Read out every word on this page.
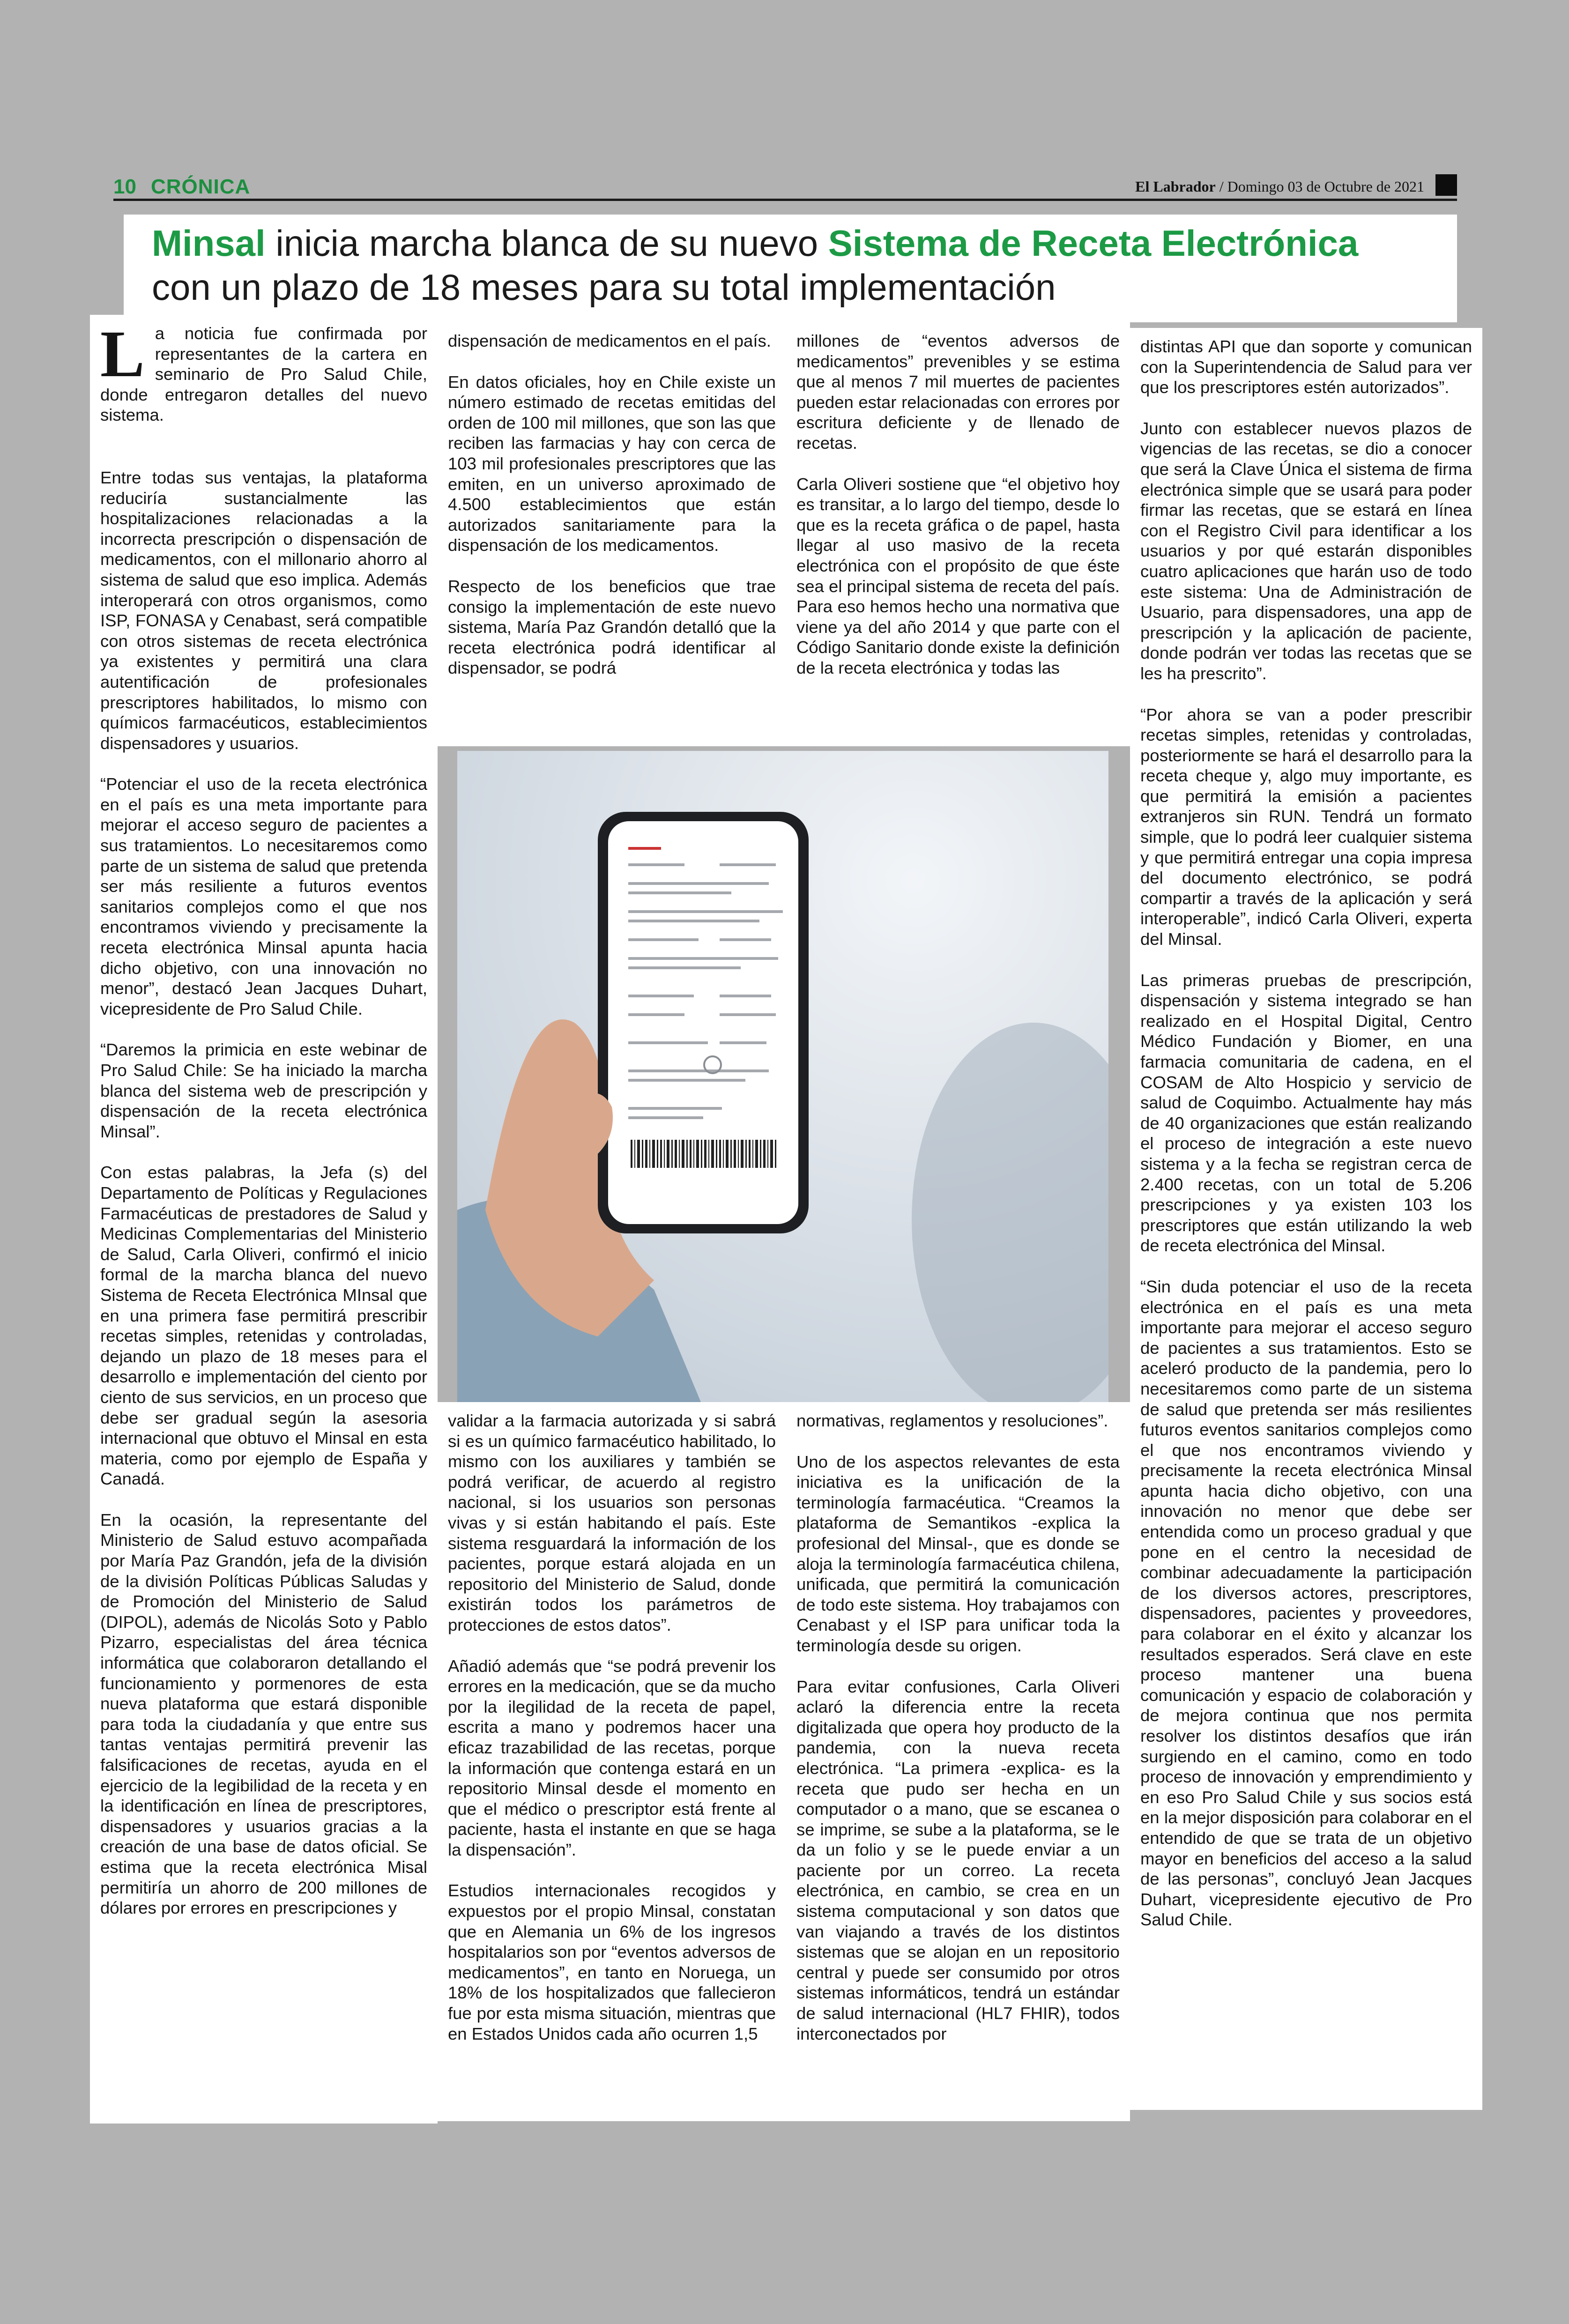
10 CRÓNICA	El Labrador / Domingo 03 de Octubre de 2021
Minsal inicia marcha blanca de su nuevo Sistema de Receta Electrónica
con un plazo de 18 meses para su total implementación

La noticia fue confirmada por representantes de la cartera en seminario de Pro Salud Chile, donde entregaron detalles del nuevo sistema.

Entre todas sus ventajas, la plataforma reduciría sustancialmente las hospitalizaciones relacionadas a la incorrecta prescripción o dispensación de medicamentos, con el millonario ahorro al sistema de salud que eso implica. Además interoperará con otros organismos, como ISP, FONASA y Cenabast, será compatible con otros sistemas de receta electrónica ya existentes y permitirá una clara autentificación de profesionales prescriptores habilitados, lo mismo con químicos farmacéuticos, establecimientos dispensadores y usuarios.

“Potenciar el uso de la receta electrónica en el país es una meta importante para mejorar el acceso seguro de pacientes a sus tratamientos. Lo necesitaremos como parte de un sistema de salud que pretenda ser más resiliente a futuros eventos sanitarios complejos como el que nos encontramos viviendo y precisamente la receta electrónica Minsal apunta hacia dicho objetivo, con una innovación no menor”, destacó Jean Jacques Duhart, vicepresidente de Pro Salud Chile.

“Daremos la primicia en este webinar de Pro Salud Chile: Se ha iniciado la marcha blanca del sistema web de prescripción y dispensación de la receta electrónica Minsal”.

Con estas palabras, la Jefa (s) del Departamento de Políticas y Regulaciones Farmacéuticas de prestadores de Salud y Medicinas Complementarias del Ministerio de Salud, Carla Oliveri, confirmó el inicio formal de la marcha blanca del nuevo Sistema de Receta Electrónica MInsal que en una primera fase permitirá prescribir recetas simples, retenidas y controladas, dejando un plazo de 18 meses para el desarrollo e implementación del ciento por ciento de sus servicios, en un proceso que debe ser gradual según la asesoria internacional que obtuvo el Minsal en esta materia, como por ejemplo de España y Canadá.

En la ocasión, la representante del Ministerio de Salud estuvo acompañada por María Paz Grandón, jefa de la división de la división Políticas Públicas Saludas y de Promoción del Ministerio de Salud (DIPOL), además de Nicolás Soto y Pablo Pizarro, especialistas del área técnica informática que colaboraron detallando el funcionamiento y pormenores de esta nueva plataforma que estará disponible para toda la ciudadanía y que entre sus tantas ventajas permitirá prevenir las falsificaciones de recetas, ayuda en el ejercicio de la legibilidad de la receta y en la identificación en línea de prescriptores, dispensadores y usuarios gracias a la creación de una base de datos oficial. Se estima que la receta electrónica Misal permitiría un ahorro de 200 millones de dólares por errores en prescripciones y

dispensación de medicamentos en el país.

En datos oficiales, hoy en Chile existe un número estimado de recetas emitidas del orden de 100 mil millones, que son las que reciben las farmacias y hay con cerca de 103 mil profesionales prescriptores que las emiten, en un universo aproximado de 4.500 establecimientos que están autorizados sanitariamente para la dispensación de los medicamentos.

Respecto de los beneficios que trae consigo la implementación de este nuevo sistema, María Paz Grandón detalló que la receta electrónica podrá identificar al dispensador, se podrá

millones de “eventos adversos de medicamentos” prevenibles y se estima que al menos 7 mil muertes de pacientes pueden estar relacionadas con errores por escritura deficiente y de llenado de recetas.

Carla Oliveri sostiene que “el objetivo hoy es transitar, a lo largo del tiempo, desde lo que es la receta gráfica o de papel, hasta llegar al uso masivo de la receta electrónica con el propósito de que éste sea el principal sistema de receta del país. Para eso hemos hecho una normativa que viene ya del año 2014 y que parte con el Código Sanitario donde existe la definición de la receta electrónica y todas las

validar a la farmacia autorizada y si sabrá si es un químico farmacéutico habilitado, lo mismo con los auxiliares y también se podrá verificar, de acuerdo al registro nacional, si los usuarios son personas vivas y si están habitando el país. Este sistema resguardará la información de los pacientes, porque estará alojada en un repositorio del Ministerio de Salud, donde existirán todos los parámetros de protecciones de estos datos”.

Añadió además que “se podrá prevenir los errores en la medicación, que se da mucho por la ilegilidad de la receta de papel, escrita a mano y podremos hacer una eficaz trazabilidad de las recetas, porque la información que contenga estará en un repositorio Minsal desde el momento en que el médico o prescriptor está frente al paciente, hasta el instante en que se haga la dispensación”.

Estudios internacionales recogidos y expuestos por el propio Minsal, constatan que en Alemania un 6% de los ingresos hospitalarios son por “eventos adversos de medicamentos”, en tanto en Noruega, un 18% de los hospitalizados que fallecieron fue por esta misma situación, mientras que en Estados Unidos cada año ocurren 1,5

normativas, reglamentos y resoluciones”.

Uno de los aspectos relevantes de esta iniciativa es la unificación de la terminología farmacéutica. “Creamos la plataforma de Semantikos -explica la profesional del Minsal-, que es donde se aloja la terminología farmacéutica chilena, unificada, que permitirá la comunicación de todo este sistema. Hoy trabajamos con Cenabast y el ISP para unificar toda la terminología desde su origen.

Para evitar confusiones, Carla Oliveri aclaró la diferencia entre la receta digitalizada que opera hoy producto de la pandemia, con la nueva receta electrónica. “La primera -explica- es la receta que pudo ser hecha en un computador o a mano, que se escanea o se imprime, se sube a la plataforma, se le da un folio y se le puede enviar a un paciente por un correo. La receta electrónica, en cambio, se crea en un sistema computacional y son datos que van viajando a través de los distintos sistemas que se alojan en un repositorio central y puede ser consumido por otros sistemas informáticos, tendrá un estándar de salud internacional (HL7 FHIR), todos interconectados por

distintas API que dan soporte y comunican con la Superintendencia de Salud para ver que los prescriptores estén autorizados”.

Junto con establecer nuevos plazos de vigencias de las recetas, se dio a conocer que será la Clave Única el sistema de firma electrónica simple que se usará para poder firmar las recetas, que se estará en línea con el Registro Civil para identificar a los usuarios y por qué estarán disponibles cuatro aplicaciones que harán uso de todo este sistema: Una de Administración de Usuario, para dispensadores, una app de prescripción y la aplicación de paciente, donde podrán ver todas las recetas que se les ha prescrito”.

“Por ahora se van a poder prescribir recetas simples, retenidas y controladas, posteriormente se hará el desarrollo para la receta cheque y, algo muy importante, es que permitirá la emisión a pacientes extranjeros sin RUN. Tendrá un formato simple, que lo podrá leer cualquier sistema y que permitirá entregar una copia impresa del documento electrónico, se podrá compartir a través de la aplicación y será interoperable”, indicó Carla Oliveri, experta del Minsal.

Las primeras pruebas de prescripción, dispensación y sistema integrado se han realizado en el Hospital Digital, Centro Médico Fundación y Biomer, en una farmacia comunitaria de cadena, en el COSAM de Alto Hospicio y servicio de salud de Coquimbo. Actualmente hay más de 40 organizaciones que están realizando el proceso de integración a este nuevo sistema y a la fecha se registran cerca de 2.400 recetas, con un total de 5.206 prescripciones y ya existen 103 los prescriptores que están utilizando la web de receta electrónica del Minsal.

“Sin duda potenciar el uso de la receta electrónica en el país es una meta importante para mejorar el acceso seguro de pacientes a sus tratamientos. Esto se aceleró producto de la pandemia, pero lo necesitaremos como parte de un sistema de salud que pretenda ser más resilientes futuros eventos sanitarios complejos como el que nos encontramos viviendo y precisamente la receta electrónica Minsal apunta hacia dicho objetivo, con una innovación no menor que debe ser entendida como un proceso gradual y que pone en el centro la necesidad de combinar adecuadamente la participación de los diversos actores, prescriptores, dispensadores, pacientes y proveedores, para colaborar en el éxito y alcanzar los resultados esperados. Será clave en este proceso mantener una buena comunicación y espacio de colaboración y de mejora continua que nos permita resolver los distintos desafíos que irán surgiendo en el camino, como en todo proceso de innovación y emprendimiento y en eso Pro Salud Chile y sus socios está en la mejor disposición para colaborar en el entendido de que se trata de un objetivo mayor en beneficios del acceso a la salud de las personas”, concluyó Jean Jacques Duhart, vicepresidente ejecutivo de Pro Salud Chile.
